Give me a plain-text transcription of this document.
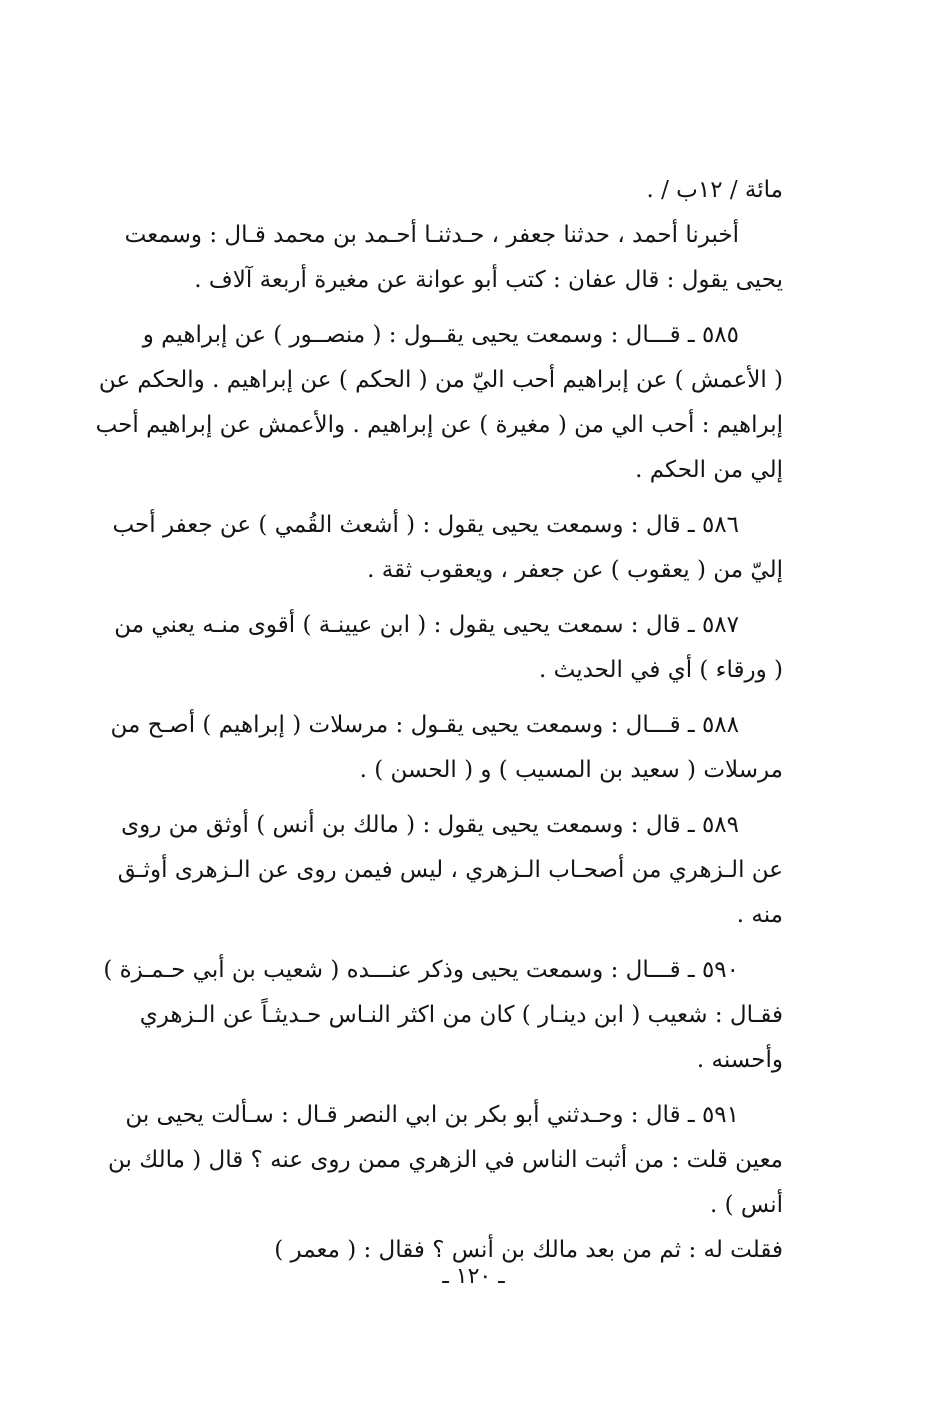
مائة / ١٢ب / .
أخبرنا أحمد ، حدثنا جعفر ، حـدثنـا أحـمد بن محمد قـال : وسمعت
يحيى يقول : قال عفان : كتب أبو عوانة عن مغيرة أربعة آلاف .
٥٨٥ ـ قـــال : وسمعت يحيى يقــول : ( منصــور ) عن إبراهيم و
( الأعمش ) عن إبراهيم أحب اليّ من ( الحكم ) عن إبراهيم . والحكم عن
إبراهيم : أحب الي من ( مغيرة ) عن إبراهيم . والأعمش عن إبراهيم أحب
إلي من الحكم .
٥٨٦ ـ قال : وسمعت يحيى يقول : ( أشعث القُمي ) عن جعفر أحب
إليّ من ( يعقوب ) عن جعفر ، ويعقوب ثقة .
٥٨٧ ـ قال : سمعت يحيى يقول : ( ابن عيينـة ) أقوى منـه يعني من
( ورقاء ) أي في الحديث .
٥٨٨ ـ قـــال : وسمعت يحيى يقـول : مرسلات ( إبراهيم ) أصـح من
مرسلات ( سعيد بن المسيب ) و ( الحسن ) .
٥٨٩ ـ قال : وسمعت يحيى يقول : ( مالك بن أنس ) أوثق من روى
عن الـزهري من أصحـاب الـزهري ، ليس فيمن روى عن الـزهرى أوثـق
منه .
٥٩٠ ـ قـــال : وسمعت يحيى وذكر عنـــده ( شعيب بن أبي حـمـزة )
فقـال : شعيب ( ابن دينـار ) كان من اكثر النـاس حـديثـاً عن الـزهري
وأحسنه .
٥٩١ ـ قال : وحـدثني أبو بكر بن ابي النصر قـال : سـألت يحيى بن
معين قلت : من أثبت الناس في الزهري ممن روى عنه ؟ قال ( مالك بن
أنس ) .
فقلت له : ثم من بعد مالك بن أنس ؟ فقال : ( معمر )
ـ ١٢٠ ـ
